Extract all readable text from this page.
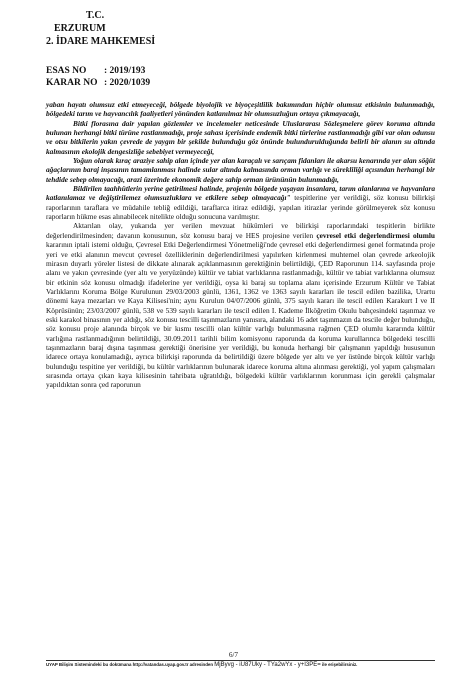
T.C.
ERZURUM
2. İDARE MAHKEMESİ
ESAS NO : 2019/193
KARAR NO : 2020/1039

yaban hayatı olumsuz etki etmeyeceği, bölgede biyolojik ve biyoçeşitlilik bakımından hiçbir olumsuz etkisinin bulunmadığı, bölgedeki tarım ve hayvancılık faaliyetleri yönünden katlanılmaz bir olumsuzluğun ortaya çıkmayacağı,

Bitki florasına dair yapılan gözlemler ve incelemeler neticesinde Uluslararası Sözleşmelere görev koruma altında bulunan herhangi bitki türüne rastlanmadığı, proje sahası içerisinde endemik bitki türlerine rastlanmadığı gibi var olan odunsu ve otsu bitkilerin yakın çevrede de yaygın bir şekilde bulunduğu göz önünde bulundurulduğunda belirli bir alanın su altında kalmasının ekolojik dengesizliğe sebebiyet vermeyeceği,

Yoğun olarak kıraç araziye sahip alan içinde yer alan karaçalı ve sarıçam fidanları ile akarsu kenarında yer alan söğüt ağaçlarının baraj inşasının tamamlanması halinde sular altında kalmasında orman varlığı ve sürekliliği açısından herhangi bir tehdide sebep olmayacağı, arazi üzerinde ekonomik değere sahip orman ürününün bulunmadığı,

Bildirilen taahhütlerin yerine getirilmesi halinde, projenin bölgede yaşayan insanlara, tarım alanlarına ve hayvanlara katlanılamaz ve değiştirilemez olumsuzluklara ve etkilere sebep olmayacağı" tespitlerine yer verildiği, söz konusu bilirkişi raporlarının taraflara ve müdahile tebliğ edildiği, taraflarca itiraz edildiği, yapılan itirazlar yerinde görülmeyerek söz konusu raporların hükme esas alınabilecek nitelikte olduğu sonucuna varılmıştır.

Aktarılan olay, yukarıda yer verilen mevzuat hükümleri ve bilirkişi raporlarındaki tespitlerin birlikte değerlendirilmesinden; davanın konusunun, söz konusu baraj ve HES projesine verilen çevresel etki değerlendirmesi olumlu kararının iptali istemi olduğu, Çevresel Etki Değerlendirmesi Yönetmeliği'nde çevresel etki değerlendirmesi genel formatında proje yeri ve etki alanının mevcut çevresel özelliklerinin değerlendirilmesi yapılırken kirlenmesi muhtemel olan çevrede arkeolojik mirasın duyarlı yöreler listesi de dikkate alınarak açıklanmasının gerektiğinin belirtildiği, ÇED Raporunun 114. sayfasında proje alanı ve yakın çevresinde (yer altı ve yeryüzünde) kültür ve tabiat varlıklarına rastlanmadığı, kültür ve tabiat varlıklarına olumsuz bir etkinin söz konusu olmadığı ifadelerine yer verildiği, oysa ki baraj su toplama alanı içerisinde Erzurum Kültür ve Tabiat Varlıklarını Koruma Bölge Kurulunun 29/03/2003 günlü, 1361, 1362 ve 1363 sayılı kararları ile tescil edilen bazilika, Urartu dönemi kaya mezarları ve Kaya Kilisesi'nin; aynı Kurulun 04/07/2006 günlü, 375 sayılı kararı ile tescil edilen Karakurt I ve II Köprüsünün; 23/03/2007 günlü, 538 ve 539 sayılı kararları ile tescil edilen I. Kademe İlköğretim Okulu bahçesindeki taşınmaz ve eski karakol binasının yer aldığı, söz konusu tescilli taşınmazların yanısıra, alandaki 16 adet taşınmazın da tescile değer bulunduğu, söz konusu proje alanında birçok ve bir kısmı tescilli olan kültür varlığı bulunmasına rağmen ÇED olumlu kararında kültür varlığına rastlanmadığının belirtildiği, 30.09.2011 tarihli bilim komisyonu raporunda da koruma kurullarınca bölgedeki tescilli taşınmazların baraj dışına taşınması gerektiği önerisine yer verildiği, bu konuda herhangi bir çalışmanın yapıldığı hususunun idarece ortaya konulamadığı, ayrıca bilirkişi raporunda da belirtildiği üzere bölgede yer altı ve yer üstünde birçok kültür varlığı bulunduğu tespitine yer verildiği, bu kültür varlıklarının bulunarak idarece koruma altına alınması gerektiği, yol yapım çalışmaları sırasında ortaya çıkan kaya kilisesinin tahribata uğratıldığı, bölgedeki kültür varlıklarının korunması için gerekli çalışmalar yapıldıktan sonra çed raporunun

6/7
UYAP Bilişim Sistemindeki bu dokümana http://vatandas.uyap.gov.tr adresinden MjByvg - iU87Uky - TYa2wYx - y+I3PE= ile erişebilirsiniz.
